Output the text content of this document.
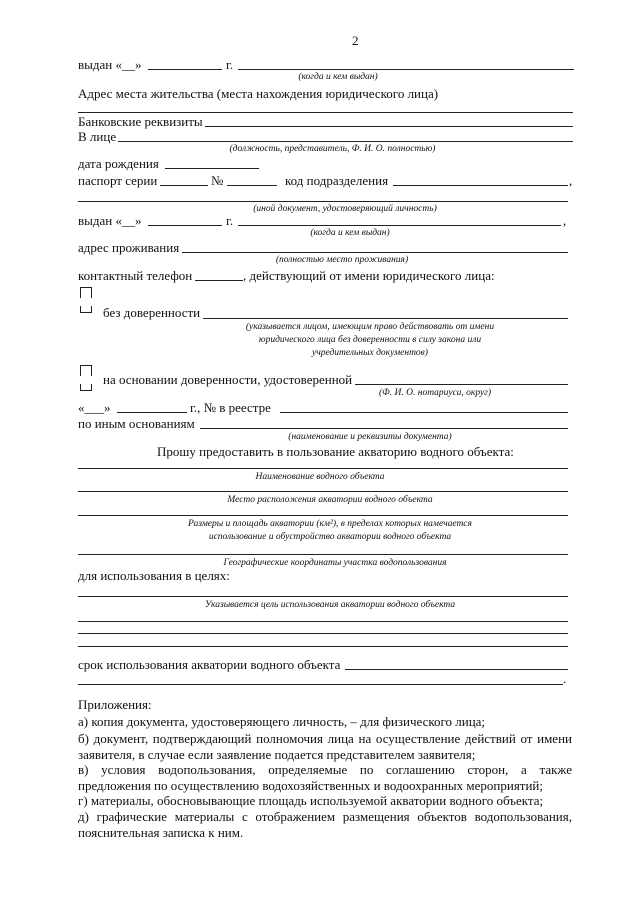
2
выдан «__»	г.
(когда и кем выдан)
Адрес места жительства (места нахождения юридического лица)
Банковские реквизиты
В лице
(должность, представитель, Ф. И. О. полностью)
дата рождения
паспорт серии	№	код подразделения	,
(иной документ, удостоверяющий личность)
выдан «__»	г.	,
(когда и кем выдан)
адрес проживания
(полностью место проживания)
контактный телефон	, действующий от имени юридического лица:
без доверенности
(указывается лицом, имеющим право действовать от имени
юридического лица без доверенности в силу закона или
учредительных документов)
на основании доверенности, удостоверенной
(Ф. И. О. нотариуса, округ)
«___»	г., № в реестре
по иным основаниям
(наименование и реквизиты документа)
Прошу предоставить в пользование акваторию водного объекта:
Наименование водного объекта
Место расположения акватории водного объекта
Размеры и площадь акватории (км²), в пределах которых намечается
использование и обустройство акватории водного объекта
Географические координаты участка водопользования
для использования в целях:
Указывается цель использования акватории водного объекта
срок использования акватории водного объекта
.
Приложения:
а) копия документа, удостоверяющего личность, – для физического лица;
б) документ, подтверждающий полномочия лица на осуществление действий от имени заявителя, в случае если заявление подается представителем заявителя;
в) условия водопользования, определяемые по соглашению сторон, а также предложения по осуществлению водохозяйственных и водоохранных мероприятий;
г) материалы, обосновывающие площадь используемой акватории водного объекта;
д) графические материалы с отображением размещения объектов водопользования, пояснительная записка к ним.
